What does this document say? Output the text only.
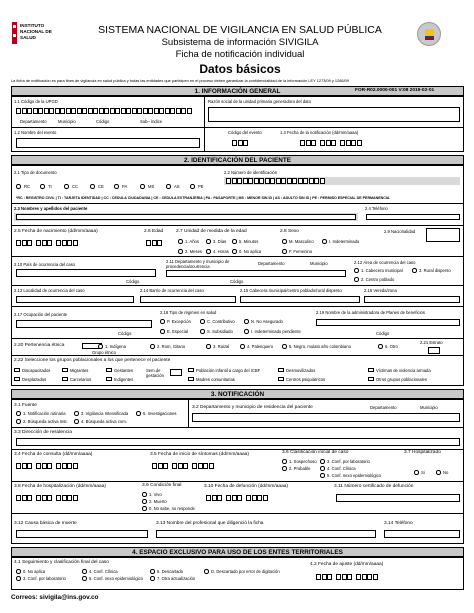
INSTITUTO
NACIONAL DE
SALUD
SISTEMA NACIONAL DE VIGILANCIA EN SALUD PÚBLICA
Subsistema de información SIVIGILA
Ficha de notificación individual
Datos básicos
La ficha de notificación es para fines de vigilancia en salud pública y todas las entidades que participen en el proceso deben garantizar la confidencialidad de la información LEY 1273/09 y 1266/09
1. INFORMACIÓN GENERAL	FOR-R02.0000-001 V:08 2019-02-01
1.1 Código de la UPGD
Departamento	Municipio	Código	Sub– índice
Razón social de la unidad primaria generadora del dato
1.2 Nombre del evento	Código del evento	1.3 Fecha de la notificación (dd/mm/aaaa)
2. IDENTIFICACIÓN DEL PACIENTE
2.1 Tipo de documento	2.2 Número de identificación
RC	TI	CC	CE	PA	MS	AS	PE
*RC : REGISTRO CIVIL | TI : TARJETA IDENTIDAD | CC : CEDULA CIUDADANIA | CE : CEDULA EXTRANJERIA | PA : PASAPORTE | MS : MENOR SIN ID | AS : ADULTO SIN ID | PE : PERMISO ESPECIAL DE PERMANENCIA
2.3 Nombres y apellidos del paciente	2.4 Teléfono
2.5 Fecha de nacimiento (dd/mm/aaaa)	2.6 Edad	2.7 Unidad de medida de la edad
1. Años	3. Días	5. Minutos
2. Meses	4. Horas 0. No aplica
2.8 Sexo
M. Masculino	I. Indeterminado
F. Femenino
2.9 Nacionalidad
2.10 País de ocurrencia del caso
Código
2.11 Departamento y municipio de procedencia/ocurrencia
Departamento	Municipio
Código
2.12 Área de ocurrencia del caso
1. Cabecera municipal	3. Rural disperso
2. Centro poblado
2.13 Localidad de ocurrencia del caso	2.14 Barrio de ocurrencia del caso	2.15 Cabecera municipal/centro poblado/rural disperso	2.16 Vereda/zona
2.17 Ocupación del paciente
Código
2.18 Tipo de régimen en salud
P. Excepción	C. Contributivo	N. No Asegurado
E. Especial	S. Subsidiado	I. Indeterminado pendiente
2.19 Nombre de la administradora de Planes de beneficios
Código
2.20 Pertenencia étnica
Grupo étnico
1. Indígena	2. Rom, Gitano	3. Raizal	4. Palenquero	5. Negro, mulato afro colombiano	6. Otro
2.21 Estrato
2.22 Seleccione los grupos poblacionales a los que pertenece el paciente
Discapacitados	Migrantes	Gestantes
Desplazados	Carcelarios	Indigentes
Sem.de gestación
Población infantil a cargo del ICBF
Madres comunitarias
Desmovilizados
Centros psiquiátricos
Víctimas de violencia armada
Otros grupos poblacionales
3. NOTIFICACIÓN
3.1 Fuente
1. Notificación rutinaria	3. Vigilancia Intensificada	5. Investigaciones
2. Búsqueda activa Inst.	4. Búsqueda activa com.
3.2 Departamento y municipio de residencia del paciente	Departamento	Municipio
3.3 Dirección de residencia
3.4 Fecha de consulta (dd/mm/aaaa)	3.5 Fecha de inicio de síntomas (dd/mm/aaaa)	3.6 Clasificación inicial de caso
1. Sospechoso
2. Probable
3. Conf. por laboratorio
4. Conf. Clínica
5. Conf. nexo epidemiológico
3.7 Hospitalizado
Si	No
3.8 Fecha de hospitalización (dd/mm/aaaa)	3.9 Condición final
1. Vivo
2. Muerto
0. No sabe, no responde
3.10 Fecha de defunción (dd/mm/aaaa)	3.11 Número certificado de defunción
3.12 Causa básica de muerte	3.13 Nombre del profesional que diligenció la ficha	3.14 Teléfono
4. ESPACIO EXCLUSIVO PARA USO DE LOS ENTES TERRITORIALES
4.1 Seguimiento y clasificación final del caso
0. No aplica
3. Conf. por laboratorio
4. Conf. Clínica
5. Conf. nexo epidemiológico
6. Descartado
7. Otra actualización
D. Descartado por error de digitación
4.2 Fecha de ajuste (dd/mm/aaaa)
Correos: sivigila@ins.gov.co
